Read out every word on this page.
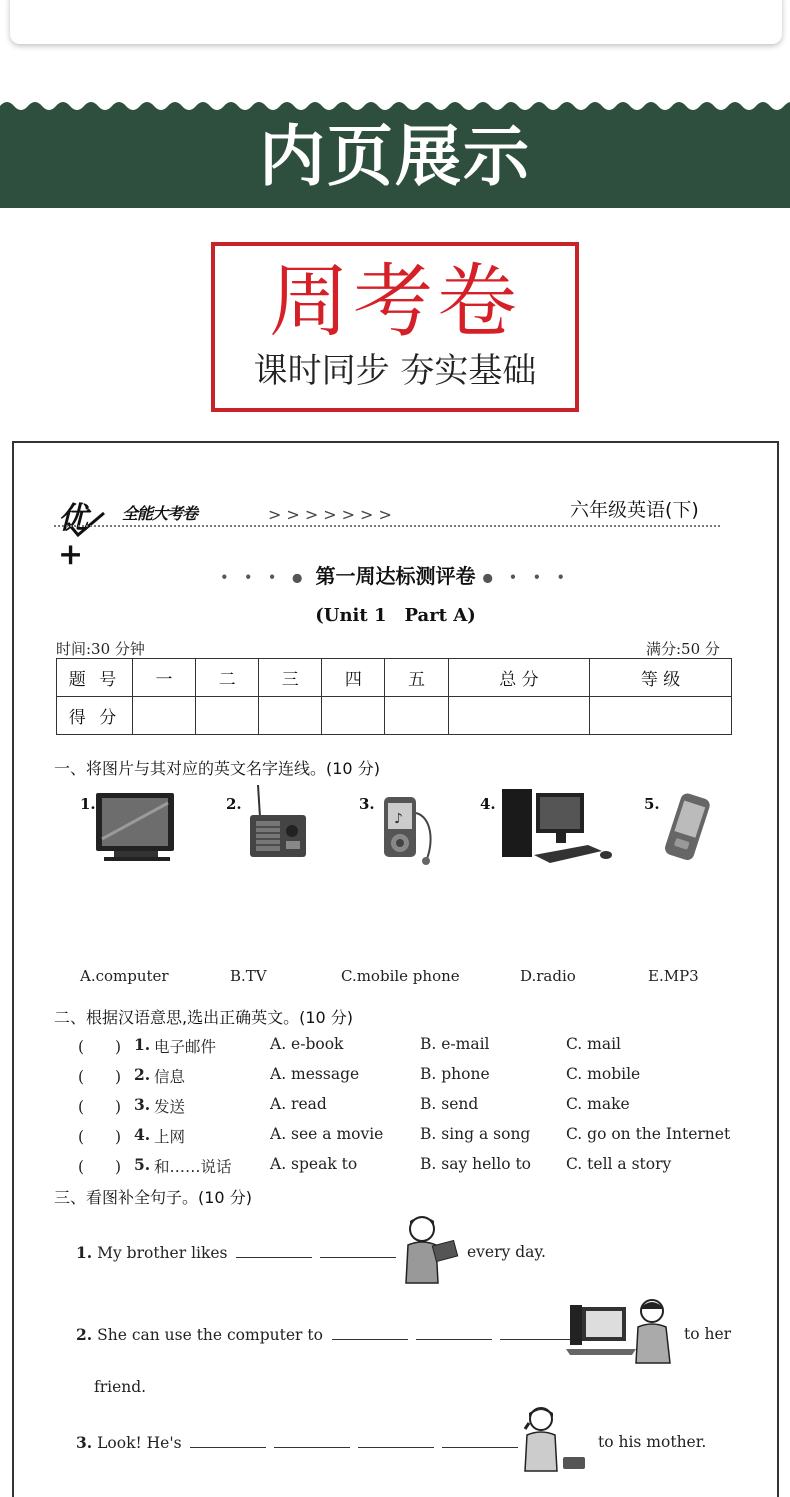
内页展示
周考卷
课时同步 夯实基础
优+
全能大考卷	>>>>>>>	六年级英语(下)
• • • ● 第一周达标测评卷 ● • • •
(Unit 1　Part A)
时间:30 分钟	满分:50 分
题 号	一	二	三	四	五	总 分	等 级
得 分							
一、将图片与其对应的英文名字连线。(10 分)
1.	2.	3.	4.	5.
♪
A.computer	B.TV	C.mobile phone	D.radio	E.MP3
二、根据汉语意思,选出正确英文。(10 分)
(　　) 1. 电子邮件	A. e-book	B. e-mail	C. mail
(　　) 2. 信息	A. message	B. phone	C. mobile
(　　) 3. 发送	A. read	B. send	C. make
(　　) 4. 上网	A. see a movie B. sing a song C. go on the Internet
(　　) 5. 和……说话 A. speak to	B. say hello to C. tell a story
三、看图补全句子。(10 分)
1. My brother likes	every day.
2. She can use the computer to	to her
friend.
3. Look! He's	to his mother.
